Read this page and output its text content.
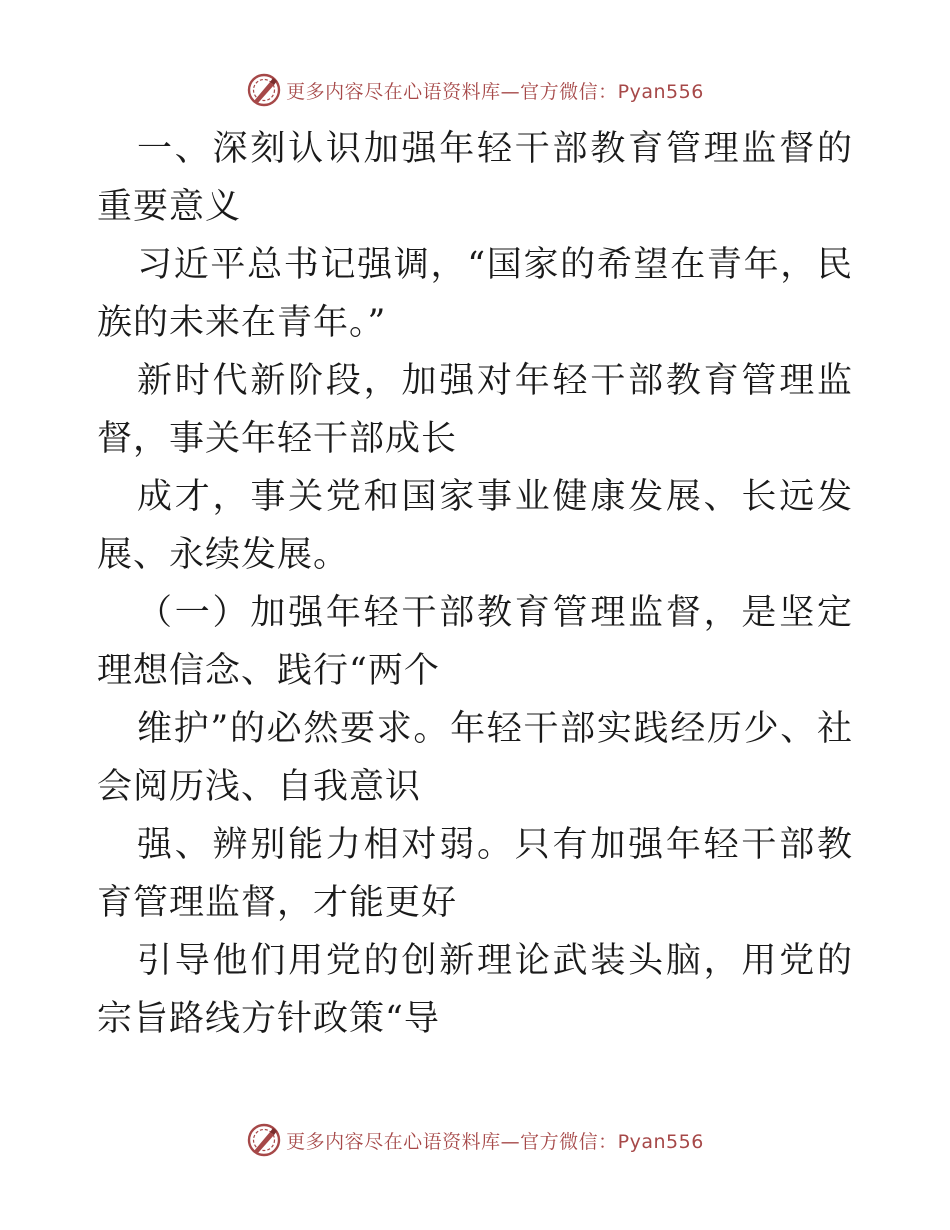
更多内容尽在心语资料库—官方微信：Pyan556

一、深刻认识加强年轻干部教育管理监督的重要意义

习近平总书记强调，“国家的希望在青年，民族的未来在青年。”

新时代新阶段，加强对年轻干部教育管理监督，事关年轻干部成长

成才，事关党和国家事业健康发展、长远发展、永续发展。

（一）加强年轻干部教育管理监督，是坚定理想信念、践行“两个

维护”的必然要求。年轻干部实践经历少、社会阅历浅、自我意识

强、辨别能力相对弱。只有加强年轻干部教育管理监督，才能更好

引导他们用党的创新理论武装头脑，用党的宗旨路线方针政策“导

更多内容尽在心语资料库—官方微信：Pyan556
